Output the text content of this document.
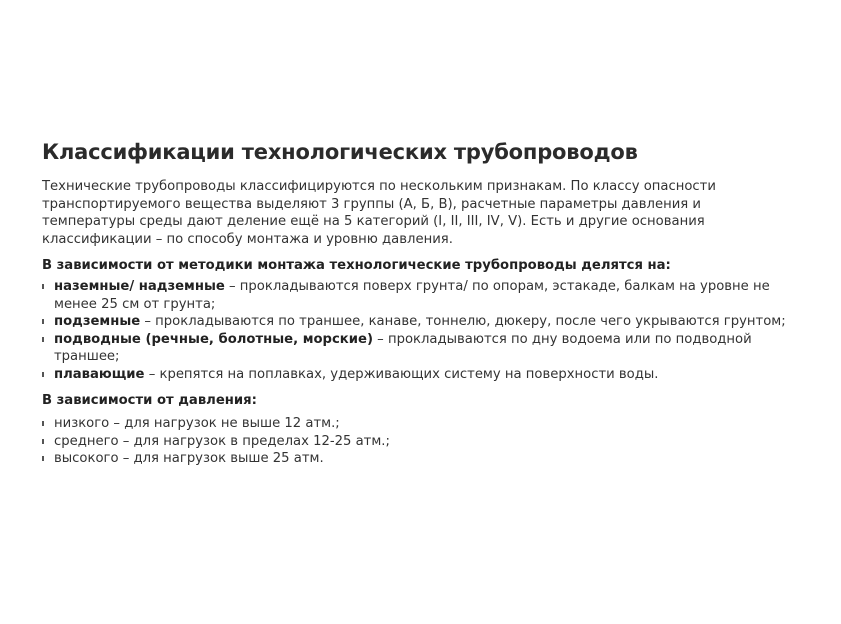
Классификации технологических трубопроводов

Технические трубопроводы классифицируются по нескольким признакам. По классу опасности транспортируемого вещества выделяют 3 группы (А, Б, В), расчетные параметры давления и температуры среды дают деление ещё на 5 категорий (I, II, III, IV, V). Есть и другие основания классификации – по способу монтажа и уровню давления.

В зависимости от методики монтажа технологические трубопроводы делятся на:

наземные/ надземные – прокладываются поверх грунта/ по опорам, эстакаде, балкам на уровне не менее 25 см от грунта;
подземные – прокладываются по траншее, канаве, тоннелю, дюкеру, после чего укрываются грунтом;
подводные (речные, болотные, морские) – прокладываются по дну водоема или по подводной траншее;
плавающие – крепятся на поплавках, удерживающих систему на поверхности воды.

В зависимости от давления:

низкого – для нагрузок не выше 12 атм.;
среднего – для нагрузок в пределах 12-25 атм.;
высокого – для нагрузок выше 25 атм.
